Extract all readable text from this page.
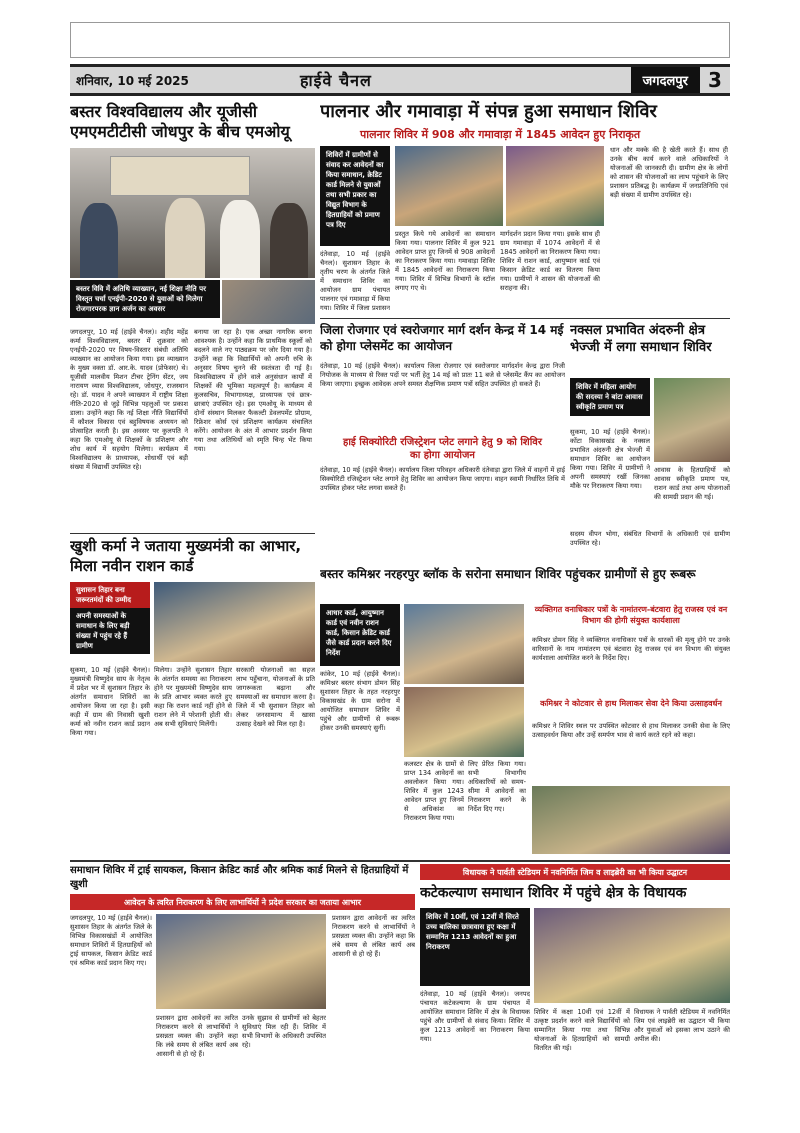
शनिवार, 10 मई 2025	हाईवे चैनल	जगदलपुर	3
बस्तर विश्वविद्यालय और यूजीसी एमएमटीटीसी जोधपुर के बीच एमओयू
बस्तर विवि में अतिथि व्याख्यान, नई शिक्षा नीति पर विस्तृत चर्चा एनईपी-2020 से युवाओं को मिलेगा रोजगारपरक ज्ञान अर्जन का अवसर
जगदलपुर, 10 मई (हाईवे चैनल)। शहीद महेंद्र कर्मा विश्वविद्यालय, बस्तर में शुक्रवार को एनईपी-2020 पर विषय-विस्तार संबंधी अतिथि व्याख्यान का आयोजन किया गया। इस व्याख्यान के मुख्य वक्ता डॉ. आर.के. यादव (प्रोफेसर) थे। यूजीसी मालवीय मिशन टीचर ट्रेनिंग सेंटर, जय नारायण व्यास विश्वविद्यालय, जोधपुर, राजस्थान रहे। डॉ. यादव ने अपने व्याख्यान में राष्ट्रीय शिक्षा नीति-2020 से जुड़े विभिन्न पहलुओं पर प्रकाश डाला। उन्होंने कहा कि नई शिक्षा नीति विद्यार्थियों में कौशल विकास एवं बहुविषयक अध्ययन को प्रोत्साहित करती है। इस अवसर पर कुलपति ने कहा कि एमओयू से शिक्षकों के प्रशिक्षण और शोध कार्य में सहयोग मिलेगा। कार्यक्रम में विश्वविद्यालय के प्राध्यापक, शोधार्थी एवं बड़ी संख्या में विद्यार्थी उपस्थित रहे।
बनाया जा रहा है। एक अच्छा नागरिक बनना आवश्यक है। उन्होंने कहा कि प्राथमिक स्कूलों को बदलने वाले नए पाठ्यक्रम पर जोर दिया गया है। उन्होंने कहा कि विद्यार्थियों को अपनी रुचि के अनुसार विषय चुनने की स्वतंत्रता दी गई है। विश्वविद्यालय में होने वाले अनुसंधान कार्यों में शिक्षकों की भूमिका महत्वपूर्ण है। कार्यक्रम में कुलसचिव, विभागाध्यक्ष, प्राध्यापक एवं छात्र-छात्राएं उपस्थित रहे। इस एमओयू के माध्यम से दोनों संस्थान मिलकर फैकल्टी डेवलपमेंट प्रोग्राम, रिफ्रेशर कोर्स एवं प्रशिक्षण कार्यक्रम संचालित करेंगे। आयोजन के अंत में आभार प्रदर्शन किया गया तथा अतिथियों को स्मृति चिन्ह भेंट किया गया।
पालनार और गमावाड़ा में संपन्न हुआ समाधान शिविर
पालनार शिविर में 908 और गमावाड़ा में 1845 आवेदन हुए निराकृत
शिविरों में ग्रामीणों से संवाद कर आवेदनों का किया समाधान, क्रेडिट कार्ड मिलने से युवाओं तथा सभी प्रकार का विद्युत विभाग के हितग्राहियों को प्रमाण पत्र दिए
दंतेवाड़ा, 10 मई (हाईवे चैनल)। सुशासन तिहार के तृतीय चरण के अंतर्गत जिले में समाधान शिविर का आयोजन ग्राम पंचायत पालनार एवं गमावाड़ा में किया गया। शिविर में जिला प्रशासन
प्रस्तुत किये गये आवेदनों का समाधान किया गया। पालनार शिविर में कुल 921 आवेदन प्राप्त हुए जिनमें से 908 आवेदनों का निराकरण किया गया। गमावाड़ा शिविर में 1845 आवेदनों का निराकरण किया गया। शिविर में विभिन्न विभागों के स्टॉल लगाए गए थे।
मार्गदर्शन प्रदान किया गया। इसके साथ ही ग्राम गमावाड़ा में 1074 आवेदनों में से 1845 आवेदनों का निराकरण किया गया। शिविर में राशन कार्ड, आयुष्मान कार्ड एवं किसान क्रेडिट कार्ड का वितरण किया गया। ग्रामीणों ने शासन की योजनाओं की सराहना की।
धान और मक्के की है खेती करते हैं। साथ ही उनके बीच कार्य करने वाले अधिकारियों ने योजनाओं की जानकारी दी। ग्रामीण क्षेत्र के लोगों को शासन की योजनाओं का लाभ पहुंचाने के लिए प्रशासन प्रतिबद्ध है। कार्यक्रम में जनप्रतिनिधि एवं बड़ी संख्या में ग्रामीण उपस्थित रहे।
जिला रोजगार एवं स्वरोजगार मार्ग दर्शन केन्द्र में 14 मई को होगा प्लेसमेंट का आयोजन
दंतेवाड़ा, 10 मई (हाईवे चैनल)। कार्यालय जिला रोजगार एवं स्वरोजगार मार्गदर्शन केन्द्र द्वारा निजी नियोजक के माध्यम से रिक्त पदों पर भर्ती हेतु 14 मई को प्रातः 11 बजे से प्लेसमेंट कैंप का आयोजन किया जाएगा। इच्छुक आवेदक अपने समस्त शैक्षणिक प्रमाण पत्रों सहित उपस्थित हो सकते हैं।
हाई सिक्योरिटी रजिस्ट्रेशन प्लेट लगाने हेतु 9 को शिविर का होगा आयोजन
दंतेवाड़ा, 10 मई (हाईवे चैनल)। कार्यालय जिला परिवहन अधिकारी दंतेवाड़ा द्वारा जिले में वाहनों में हाई सिक्योरिटी रजिस्ट्रेशन प्लेट लगाने हेतु शिविर का आयोजन किया जाएगा। वाहन स्वामी निर्धारित तिथि में उपस्थित होकर प्लेट लगवा सकते हैं।
नक्सल प्रभावित अंदरुनी क्षेत्र भेज्जी में लगा समाधान शिविर
शिविर में महिला आयोग की सदस्या ने बांटा आवास स्वीकृति प्रमाण पत्र
सुकमा, 10 मई (हाईवे चैनल)। कोंटा विकासखंड के नक्सल प्रभावित अंदरुनी क्षेत्र भेज्जी में समाधान शिविर का आयोजन किया गया। शिविर में ग्रामीणों ने अपनी समस्याएं रखीं जिनका मौके पर निराकरण किया गया।
आवास के हितग्राहियों को आवास स्वीकृति प्रमाण पत्र, राशन कार्ड तथा अन्य योजनाओं की सामग्री प्रदान की गई।
सदस्य वीपन भोगा, संबंधित विभागों के अधिकारी एवं ग्रामीण उपस्थित रहे।
खुशी कर्मा ने जताया मुख्यमंत्री का आभार, मिला नवीन राशन कार्ड
सुशासन तिहार बना जरूरतमंदों की उम्मीद
अपनी समस्याओं के समाधान के लिए बड़ी संख्या में पहुंच रहे हैं ग्रामीण
सुकमा, 10 मई (हाईवे चैनल)। मुख्यमंत्री विष्णुदेव साय के नेतृत्व में प्रदेश भर में सुशासन तिहार के अंतर्गत समाधान शिविरों का आयोजन किया जा रहा है। इसी कड़ी में ग्राम की निवासी खुशी कर्मा को नवीन राशन कार्ड प्रदान किया गया।
मिलेगा। उन्होंने सुशासन तिहार के अंतर्गत समस्या का निराकरण होने पर मुख्यमंत्री विष्णुदेव साय के प्रति आभार व्यक्त करते हुए कहा कि राशन कार्ड नहीं होने से राशन लेने में परेशानी होती थी। अब सभी सुविधाएं मिलेंगी।
सरकारी योजनाओं का सहज लाभ पहुँचाना, योजनाओं के प्रति जागरूकता बढ़ाना और समस्याओं का समाधान करना है। जिले में भी सुशासन तिहार को लेकर जनसामान्य में खासा उत्साह देखने को मिल रहा है।
बस्तर कमिश्नर नरहरपुर ब्लॉक के सरोना समाधान शिविर पहुंचकर ग्रामीणों से हुए रूबरू
आधार कार्ड, आयुष्मान कार्ड एवं नवीन राशन कार्ड, किसान क्रेडिट कार्ड जैसे कार्ड प्रदान करने दिए निर्देश
कांकेर, 10 मई (हाईवे चैनल)। कमिश्नर बस्तर संभाग डोमन सिंह सुशासन तिहार के तहत नरहरपुर विकासखंड के ग्राम सरोना में आयोजित समाधान शिविर में पहुंचे और ग्रामीणों से रूबरू होकर उनकी समस्याएं सुनीं।
कलस्टर क्षेत्र के ग्रामों से प्राप्त 134 आवेदनों का अवलोकन किया गया। शिविर में कुल 1243 आवेदन प्राप्त हुए जिनमें से अधिकांश का निराकरण किया गया।
लिए प्रेरित किया गया। सभी विभागीय अधिकारियों को समय-सीमा में आवेदनों का निराकरण करने के निर्देश दिए गए।
व्यक्तिगत वनाधिकार पत्रों के नामांतरण-बंटवारा हेतु राजस्व एवं वन विभाग की होगी संयुक्त कार्यशाला
कमिश्नर डोमन सिंह ने व्यक्तिगत वनाधिकार पत्रों के धारकों की मृत्यु होने पर उनके वारिसानों के नाम नामांतरण एवं बंटवारा हेतु राजस्व एवं वन विभाग की संयुक्त कार्यशाला आयोजित करने के निर्देश दिए।
कमिश्नर ने कोटवार से हाथ मिलाकर सेवा देने किया उत्साहवर्धन
कमिश्नर ने शिविर स्थल पर उपस्थित कोटवार से हाथ मिलाकर उनकी सेवा के लिए उत्साहवर्धन किया और उन्हें समर्पण भाव से कार्य करते रहने को कहा।
समाधान शिविर में ट्राई सायकल, किसान क्रेडिट कार्ड और श्रमिक कार्ड मिलने से हितग्राहियों में खुशी
आवेदन के त्वरित निराकरण के लिए लाभार्थियों ने प्रदेश सरकार का जताया आभार
जगदलपुर, 10 मई (हाईवे चैनल)। सुशासन तिहार के अंतर्गत जिले के विभिन्न विकासखंडों में आयोजित समाधान शिविरों में हितग्राहियों को ट्राई सायकल, किसान क्रेडिट कार्ड एवं श्रमिक कार्ड प्रदान किए गए।
प्रशासन द्वारा आवेदनों का त्वरित निराकरण करने से लाभार्थियों ने प्रसन्नता व्यक्त की। उन्होंने कहा कि लंबे समय से लंबित कार्य अब आसानी से हो रहे हैं।
उनके सुझाव से ग्रामीणों को बेहतर सुविधाएं मिल रही हैं। शिविर में सभी विभागों के अधिकारी उपस्थित रहे।
प्रशासन द्वारा आवेदनों का त्वरित निराकरण करने से लाभार्थियों ने प्रसन्नता व्यक्त की। उन्होंने कहा कि लंबे समय से लंबित कार्य अब आसानी से हो रहे हैं।
विधायक ने पार्वती स्टेडियम में नवनिर्मित जिम व लाइब्रेरी का भी किया उद्घाटन
कटेकल्याण समाधान शिविर में पहुंचे क्षेत्र के विधायक
शिविर में 10वीं, एवं 12वीं में सिरते उच्च बालिका छात्रावास हुए कक्षा में सम्मानित 1213 आवेदनों का हुआ निराकरण
दंतेवाड़ा, 10 मई (हाईवे चैनल)। जनपद पंचायत कटेकल्याण के ग्राम पंचायत में आयोजित समाधान शिविर में क्षेत्र के विधायक पहुंचे और ग्रामीणों से संवाद किया। शिविर में कुल 1213 आवेदनों का निराकरण किया गया।
शिविर में कक्षा 10वीं एवं 12वीं में उत्कृष्ट प्रदर्शन करने वाले विद्यार्थियों को सम्मानित किया गया तथा विभिन्न योजनाओं के हितग्राहियों को सामग्री वितरित की गई।
विधायक ने पार्वती स्टेडियम में नवनिर्मित जिम एवं लाइब्रेरी का उद्घाटन भी किया और युवाओं को इसका लाभ उठाने की अपील की।
